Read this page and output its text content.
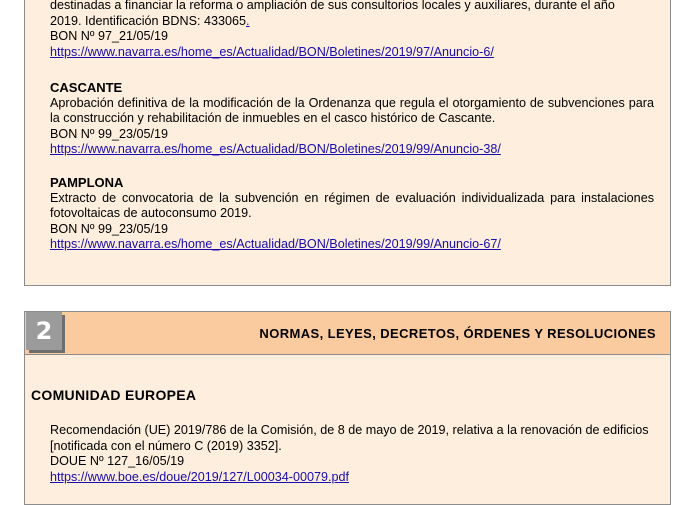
destinadas a financiar la reforma o ampliación de sus consultorios locales y auxiliares, durante el año

2019. Identificación BDNS: 433065.

BON Nº 97_21/05/19

https://www.navarra.es/home_es/Actualidad/BON/Boletines/2019/97/Anuncio-6/

CASCANTE

Aprobación definitiva de la modificación de la Ordenanza que regula el otorgamiento de subvenciones para la construcción y rehabilitación de inmuebles en el casco histórico de Cascante.

BON Nº 99_23/05/19

https://www.navarra.es/home_es/Actualidad/BON/Boletines/2019/99/Anuncio-38/

PAMPLONA

Extracto de convocatoria de la subvención en régimen de evaluación individualizada para instalaciones fotovoltaicas de autoconsumo 2019.

BON Nº 99_23/05/19

https://www.navarra.es/home_es/Actualidad/BON/Boletines/2019/99/Anuncio-67/

2	NORMAS, LEYES, DECRETOS, ÓRDENES Y RESOLUCIONES
COMUNIDAD EUROPEA

Recomendación (UE) 2019/786 de la Comisión, de 8 de mayo de 2019, relativa a la renovación de edificios

[notificada con el número C (2019) 3352].

DOUE Nº 127_16/05/19

https://www.boe.es/doue/2019/127/L00034-00079.pdf
